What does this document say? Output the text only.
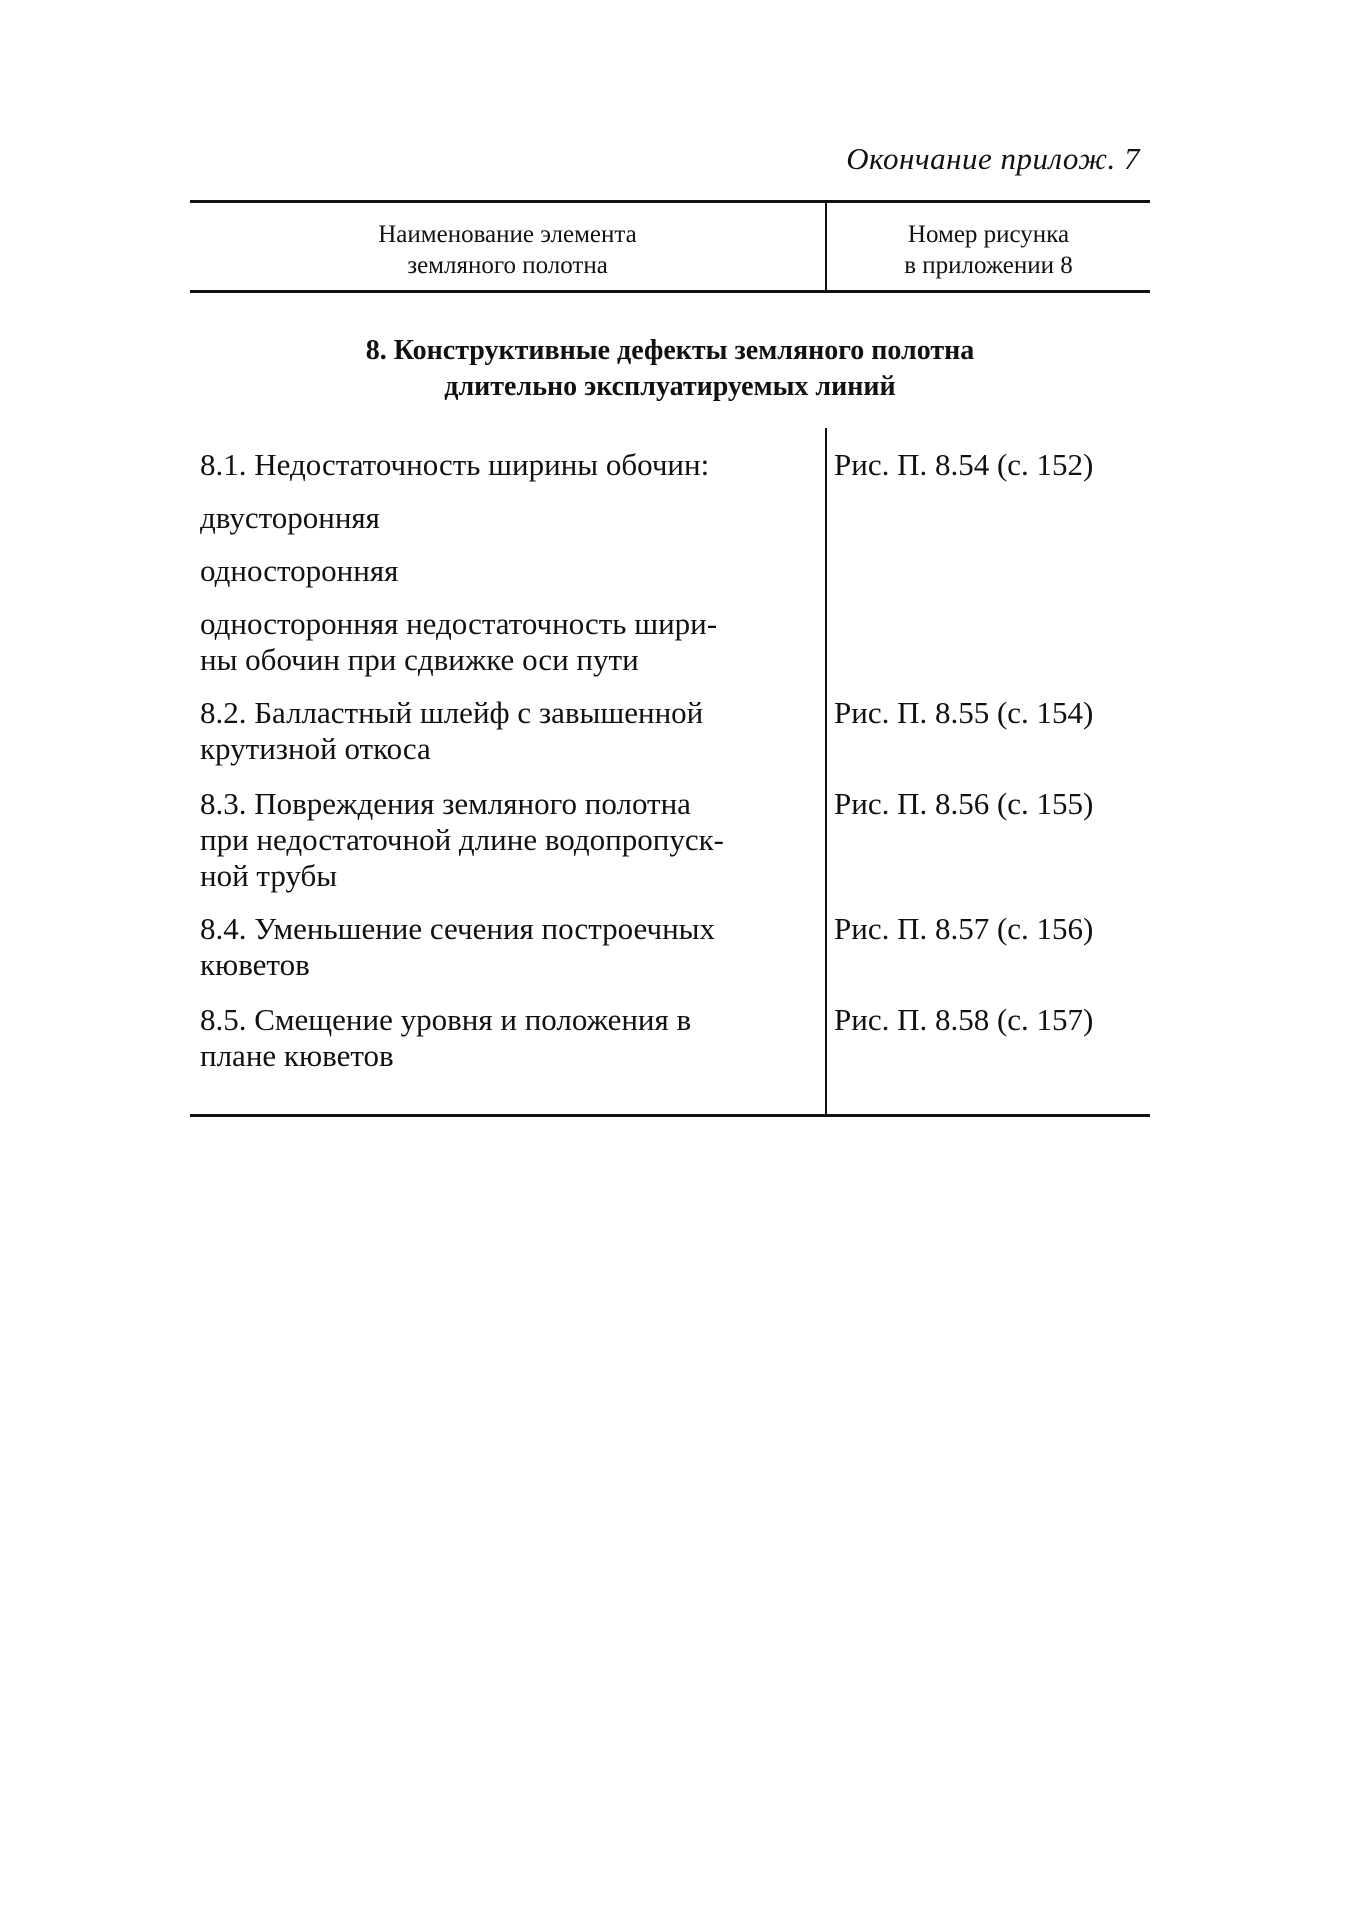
Окончание прилож. 7
Наименование элемента
земляного полотна
Номер рисунка
в приложении 8
8. Конструктивные дефекты земляного полотна
длительно эксплуатируемых линий
8.1. Недостаточность ширины обочин:	Рис. П. 8.54 (с. 152)
двусторонняя
односторонняя
односторонняя недостаточность шири-
ны обочин при сдвижке оси пути
8.2. Балластный шлейф с завышенной
крутизной откоса
Рис. П. 8.55 (с. 154)
8.3. Повреждения земляного полотна
при недостаточной длине водопропуск-
ной трубы
Рис. П. 8.56 (с. 155)
8.4. Уменьшение сечения построечных
кюветов
Рис. П. 8.57 (с. 156)
8.5. Смещение уровня и положения в
плане кюветов
Рис. П. 8.58 (с. 157)
